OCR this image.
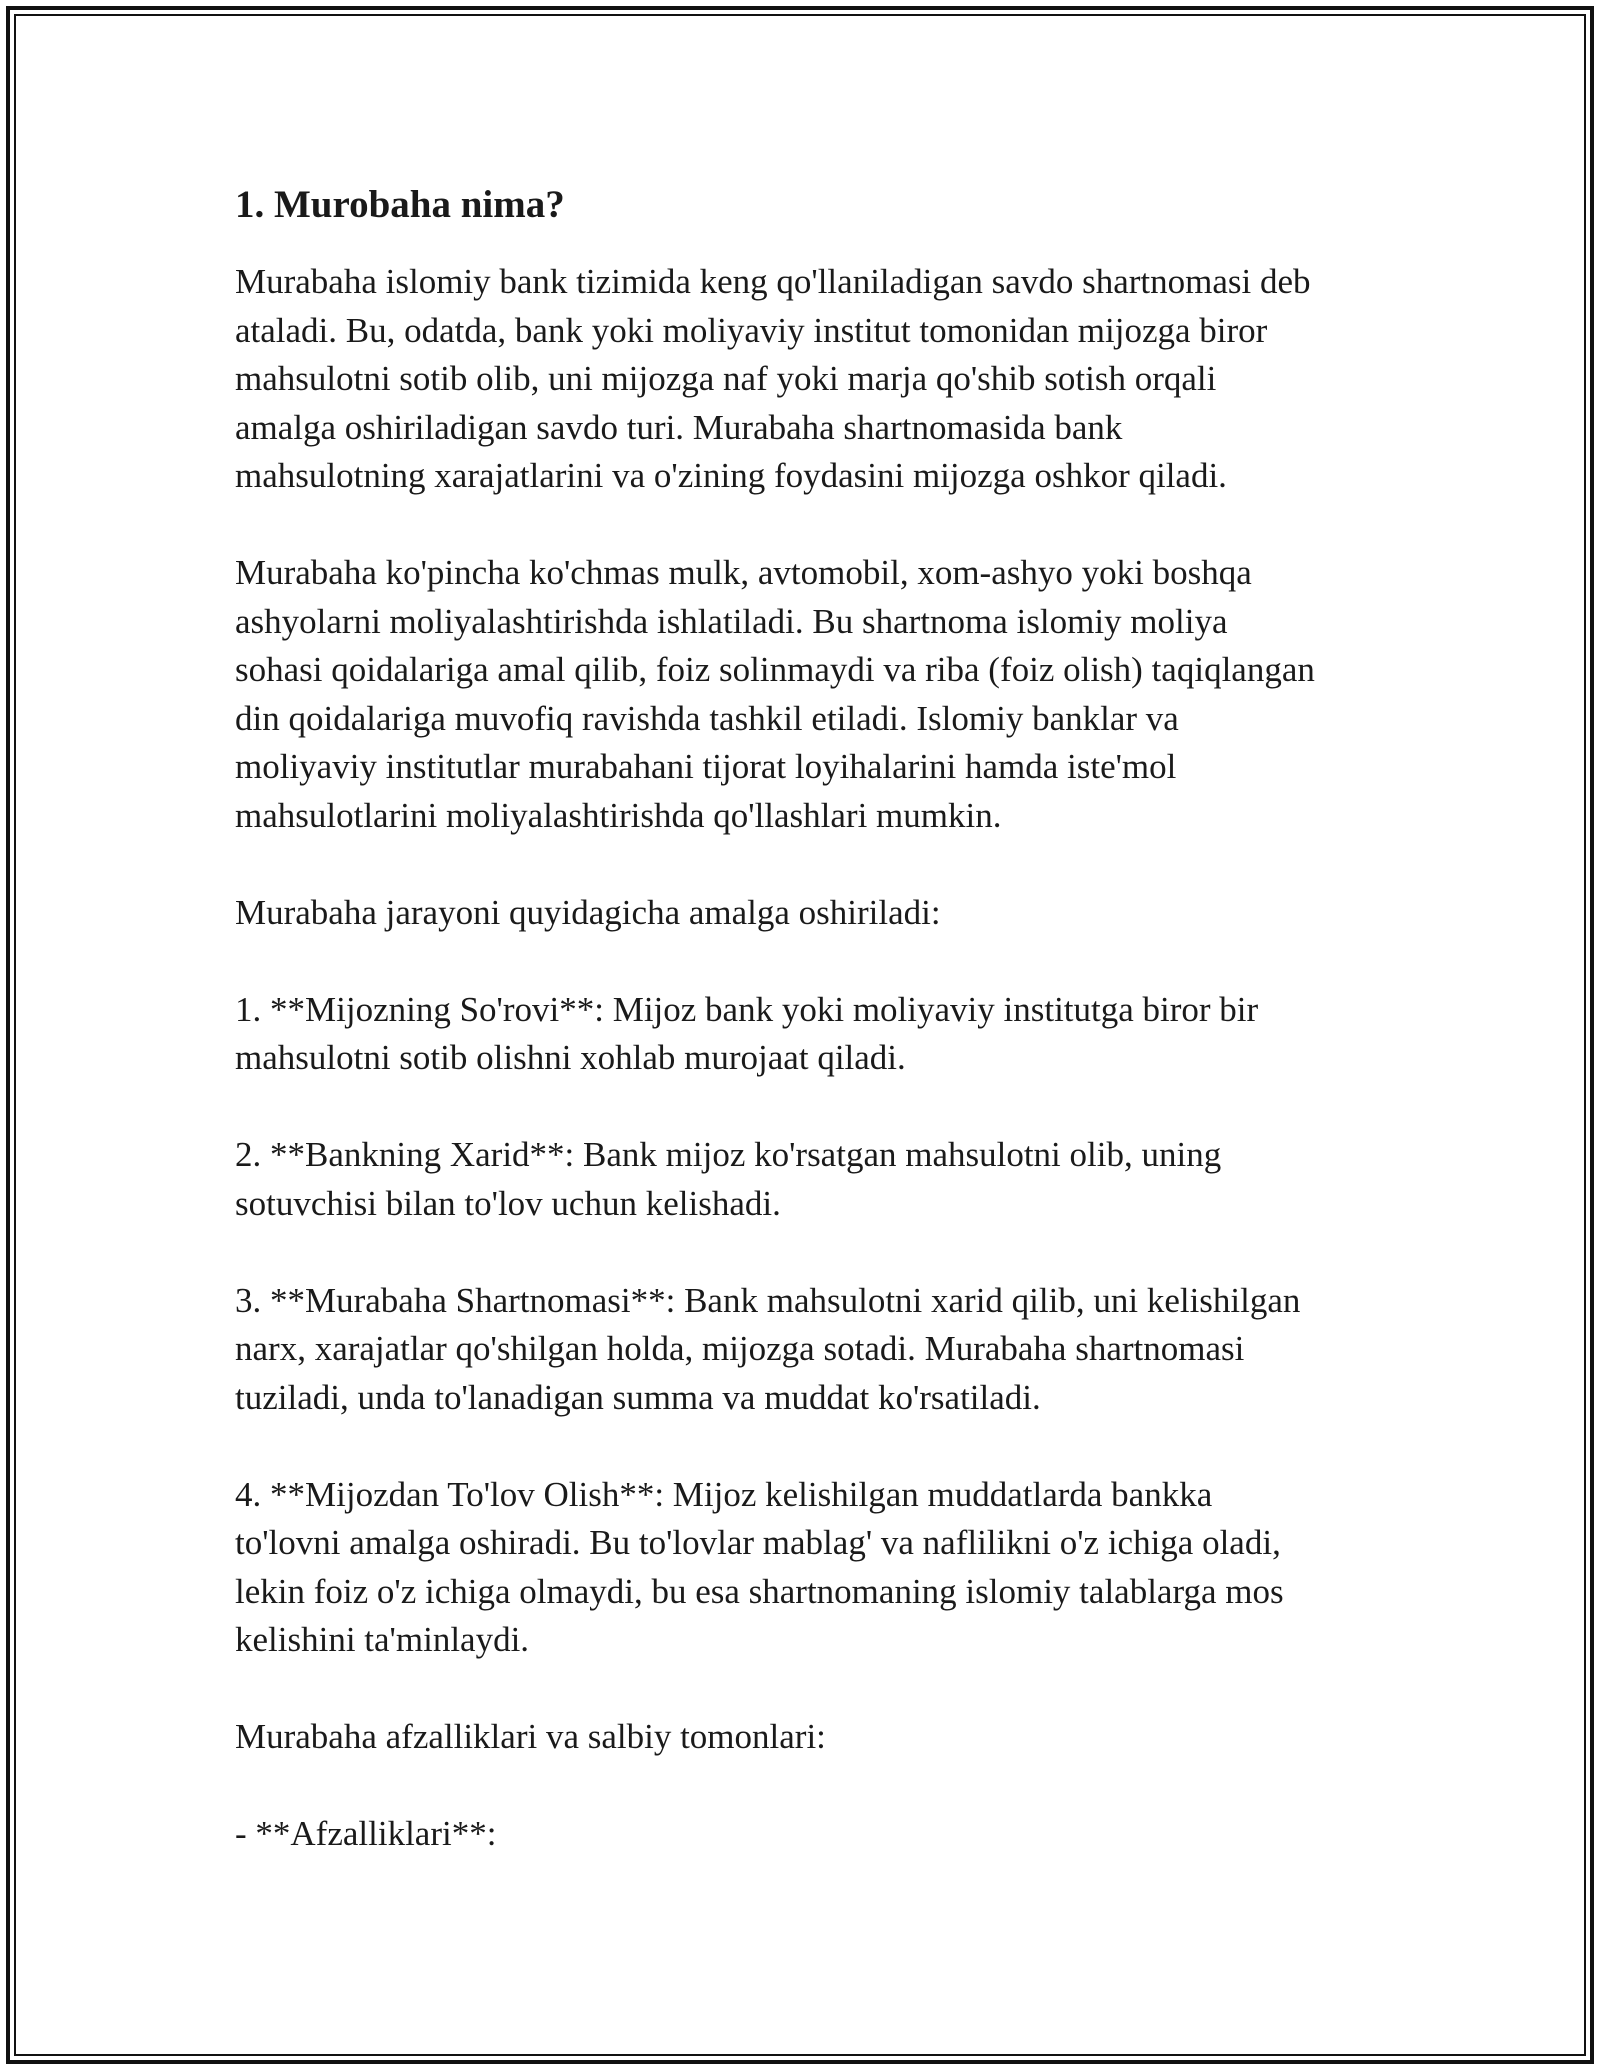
1. Murobaha nima?

Murabaha islomiy bank tizimida keng qo'llaniladigan savdo shartnomasi deb
ataladi. Bu, odatda, bank yoki moliyaviy institut tomonidan mijozga biror
mahsulotni sotib olib, uni mijozga naf yoki marja qo'shib sotish orqali
amalga oshiriladigan savdo turi. Murabaha shartnomasida bank
mahsulotning xarajatlarini va o'zining foydasini mijozga oshkor qiladi.

Murabaha ko'pincha ko'chmas mulk, avtomobil, xom-ashyo yoki boshqa
ashyolarni moliyalashtirishda ishlatiladi. Bu shartnoma islomiy moliya
sohasi qoidalariga amal qilib, foiz solinmaydi va riba (foiz olish) taqiqlangan
din qoidalariga muvofiq ravishda tashkil etiladi. Islomiy banklar va
moliyaviy institutlar murabahani tijorat loyihalarini hamda iste'mol
mahsulotlarini moliyalashtirishda qo'llashlari mumkin.

Murabaha jarayoni quyidagicha amalga oshiriladi:

1. **Mijozning So'rovi**: Mijoz bank yoki moliyaviy institutga biror bir
mahsulotni sotib olishni xohlab murojaat qiladi.

2. **Bankning Xarid**: Bank mijoz ko'rsatgan mahsulotni olib, uning
sotuvchisi bilan to'lov uchun kelishadi.

3. **Murabaha Shartnomasi**: Bank mahsulotni xarid qilib, uni kelishilgan
narx, xarajatlar qo'shilgan holda, mijozga sotadi. Murabaha shartnomasi
tuziladi, unda to'lanadigan summa va muddat ko'rsatiladi.

4. **Mijozdan To'lov Olish**: Mijoz kelishilgan muddatlarda bankka
to'lovni amalga oshiradi. Bu to'lovlar mablag' va naflilikni o'z ichiga oladi,
lekin foiz o'z ichiga olmaydi, bu esa shartnomaning islomiy talablarga mos
kelishini ta'minlaydi.

Murabaha afzalliklari va salbiy tomonlari:

- **Afzalliklari**:
